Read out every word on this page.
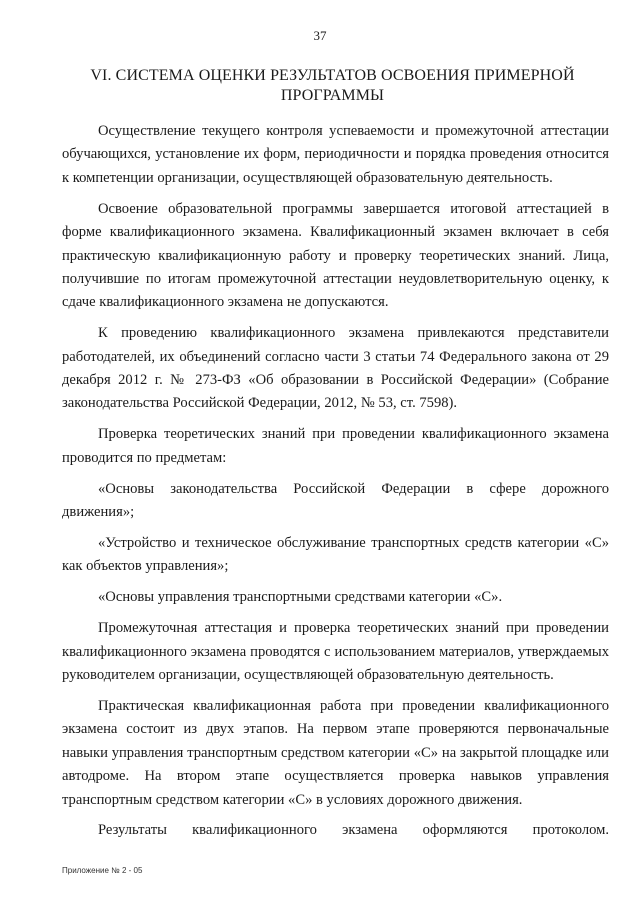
37
VI. СИСТЕМА ОЦЕНКИ РЕЗУЛЬТАТОВ ОСВОЕНИЯ ПРИМЕРНОЙ
ПРОГРАММЫ

Осуществление текущего контроля успеваемости и промежуточной аттестации обучающихся, установление их форм, периодичности и порядка проведения относится к компетенции организации, осуществляющей образовательную деятельность.

Освоение образовательной программы завершается итоговой аттестацией в форме квалификационного экзамена. Квалификационный экзамен включает в себя практическую квалификационную работу и проверку теоретических знаний. Лица, получившие по итогам промежуточной аттестации неудовлетворительную оценку, к сдаче квалификационного экзамена не допускаются.

К проведению квалификационного экзамена привлекаются представители работодателей, их объединений согласно части 3 статьи 74 Федерального закона от 29 декабря 2012 г. № 273-ФЗ «Об образовании в Российской Федерации» (Собрание законодательства Российской Федерации, 2012, № 53, ст. 7598).

Проверка теоретических знаний при проведении квалификационного экзамена проводится по предметам:

«Основы законодательства Российской Федерации в сфере дорожного движения»;

«Устройство и техническое обслуживание транспортных средств категории «С» как объектов управления»;

«Основы управления транспортными средствами категории «С».

Промежуточная аттестация и проверка теоретических знаний при проведении квалификационного экзамена проводятся с использованием материалов, утверждаемых руководителем организации, осуществляющей образовательную деятельность.

Практическая квалификационная работа при проведении квалификационного экзамена состоит из двух этапов. На первом этапе проверяются первоначальные навыки управления транспортным средством категории «С» на закрытой площадке или автодроме. На втором этапе осуществляется проверка навыков управления транспортным средством категории «С» в условиях дорожного движения.

Результаты квалификационного экзамена оформляются протоколом.

Приложение № 2 - 05
